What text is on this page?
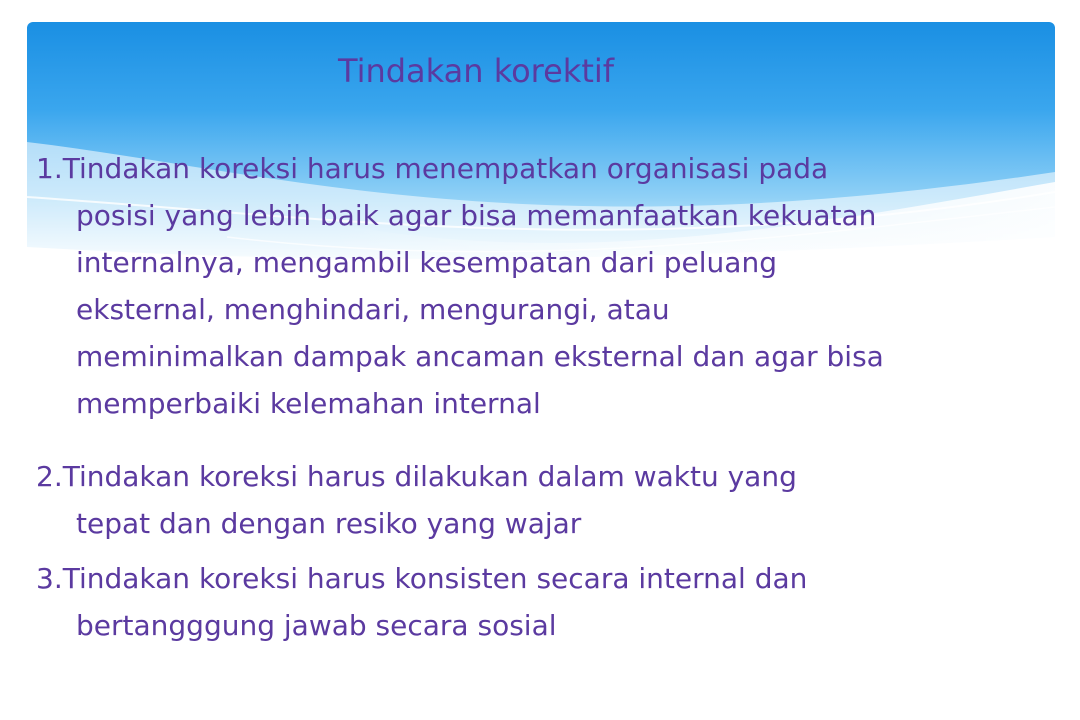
Tindakan korektif
1.Tindakan koreksi harus menempatkan organisasi pada
posisi yang lebih baik agar bisa memanfaatkan kekuatan
internalnya, mengambil kesempatan dari peluang
eksternal, menghindari, mengurangi, atau
meminimalkan dampak ancaman eksternal dan agar bisa
memperbaiki kelemahan internal
2.Tindakan koreksi harus dilakukan dalam waktu yang
tepat dan dengan resiko yang wajar
3.Tindakan koreksi harus konsisten secara internal dan
bertangggung jawab secara sosial
